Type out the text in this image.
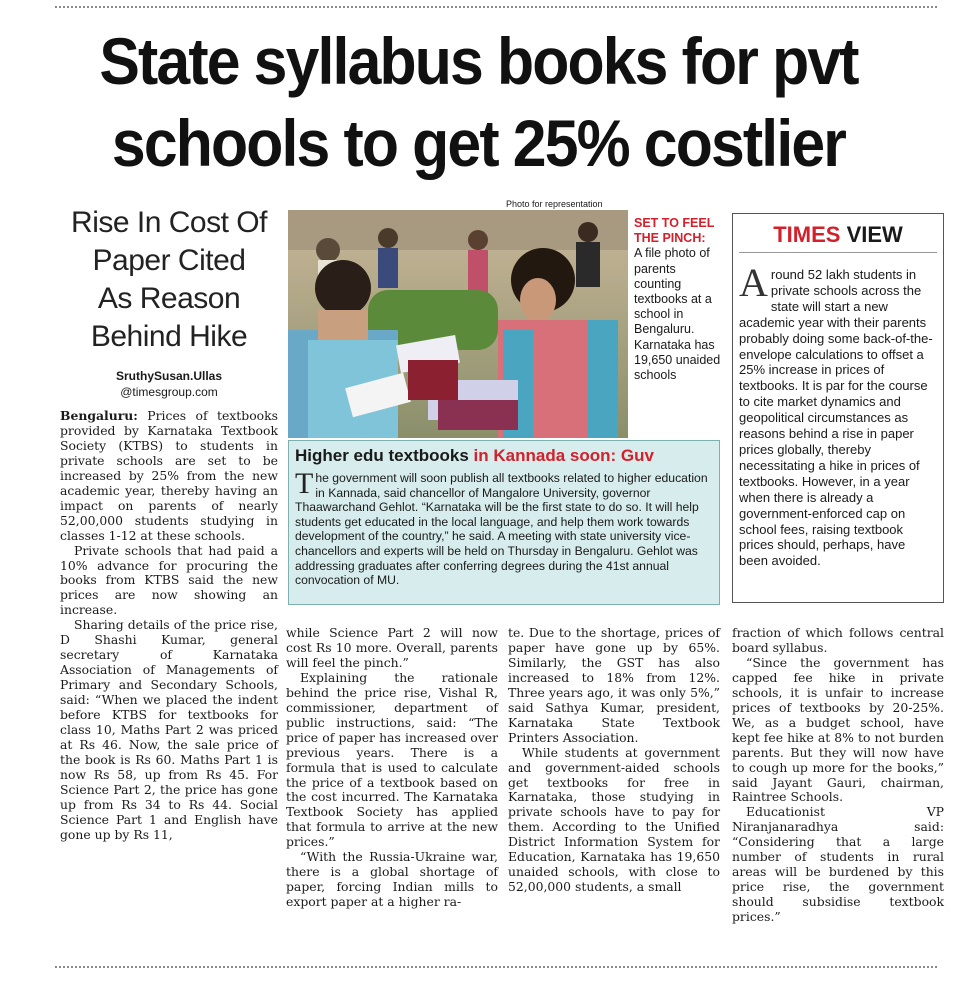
State syllabus books for pvt
schools to get 25% costlier
Rise In Cost Of
Paper Cited
As Reason
Behind Hike
SruthySusan.Ullas
@timesgroup.com

Bengaluru: Prices of textbooks provided by Karnataka Textbook Society (KTBS) to students in private schools are set to be increased by 25% from the new academic year, thereby having an impact on parents of nearly 52,00,000 students studying in classes 1-12 at these schools.

Private schools that had paid a 10% advance for procuring the books from KTBS said the new prices are now showing an increase.

Sharing details of the price rise, D Shashi Kumar, general secretary of Karnataka Association of Managements of Primary and Secondary Schools, said: “When we placed the indent before KTBS for textbooks for class 10, Maths Part 2 was priced at Rs 46. Now, the sale price of the book is Rs 60. Maths Part 1 is now Rs 58, up from Rs 45. For Science Part 2, the price has gone up from Rs 34 to Rs 44. Social Science Part 1 and English have gone up by Rs 11,

Photo for representation
SET TO FEEL THE PINCH:
A file photo of parents counting textbooks at a school in Bengaluru. Karnataka has 19,650 unaided schools
Higher edu textbooks in Kannada soon: Guv
The government will soon publish all textbooks related to higher education in Kannada, said chancellor of Mangalore University, governor Thaawarchand Gehlot. “Karnataka will be the first state to do so. It will help students get educated in the local language, and help them work towards development of the country,” he said. A meeting with state university vice-chancellors and experts will be held on Thursday in Bengaluru. Gehlot was addressing graduates after conferring degrees during the 41st annual convocation of MU.
TIMES VIEW
Around 52 lakh students in private schools across the state will start a new academic year with their parents probably doing some back-of-the-envelope calculations to offset a 25% increase in prices of textbooks. It is par for the course to cite market dynamics and geopolitical circumstances as reasons behind a rise in paper prices globally, thereby necessitating a hike in prices of textbooks. However, in a year when there is already a government-enforced cap on school fees, raising textbook prices should, perhaps, have been avoided.

while Science Part 2 will now cost Rs 10 more. Overall, parents will feel the pinch.”

Explaining the rationale behind the price rise, Vishal R, commissioner, department of public instructions, said: “The price of paper has increased over previous years. There is a formula that is used to calculate the price of a textbook based on the cost incurred. The Karnataka Textbook Society has applied that formula to arrive at the new prices.”

“With the Russia-Ukraine war, there is a global shortage of paper, forcing Indian mills to export paper at a higher ra-

te. Due to the shortage, prices of paper have gone up by 65%. Similarly, the GST has also increased to 18% from 12%. Three years ago, it was only 5%,” said Sathya Kumar, president, Karnataka State Textbook Printers Association.

While students at government and government-aided schools get textbooks for free in Karnataka, those studying in private schools have to pay for them. According to the Unified District Information System for Education, Karnataka has 19,650 unaided schools, with close to 52,00,000 students, a small

fraction of which follows central board syllabus.

“Since the government has capped fee hike in private schools, it is unfair to increase prices of textbooks by 20-25%. We, as a budget school, have kept fee hike at 8% to not burden parents. But they will now have to cough up more for the books,” said Jayant Gauri, chairman, Raintree Schools.

Educationist VP Niranjanaradhya said: “Considering that a large number of students in rural areas will be burdened by this price rise, the government should subsidise textbook prices.”
